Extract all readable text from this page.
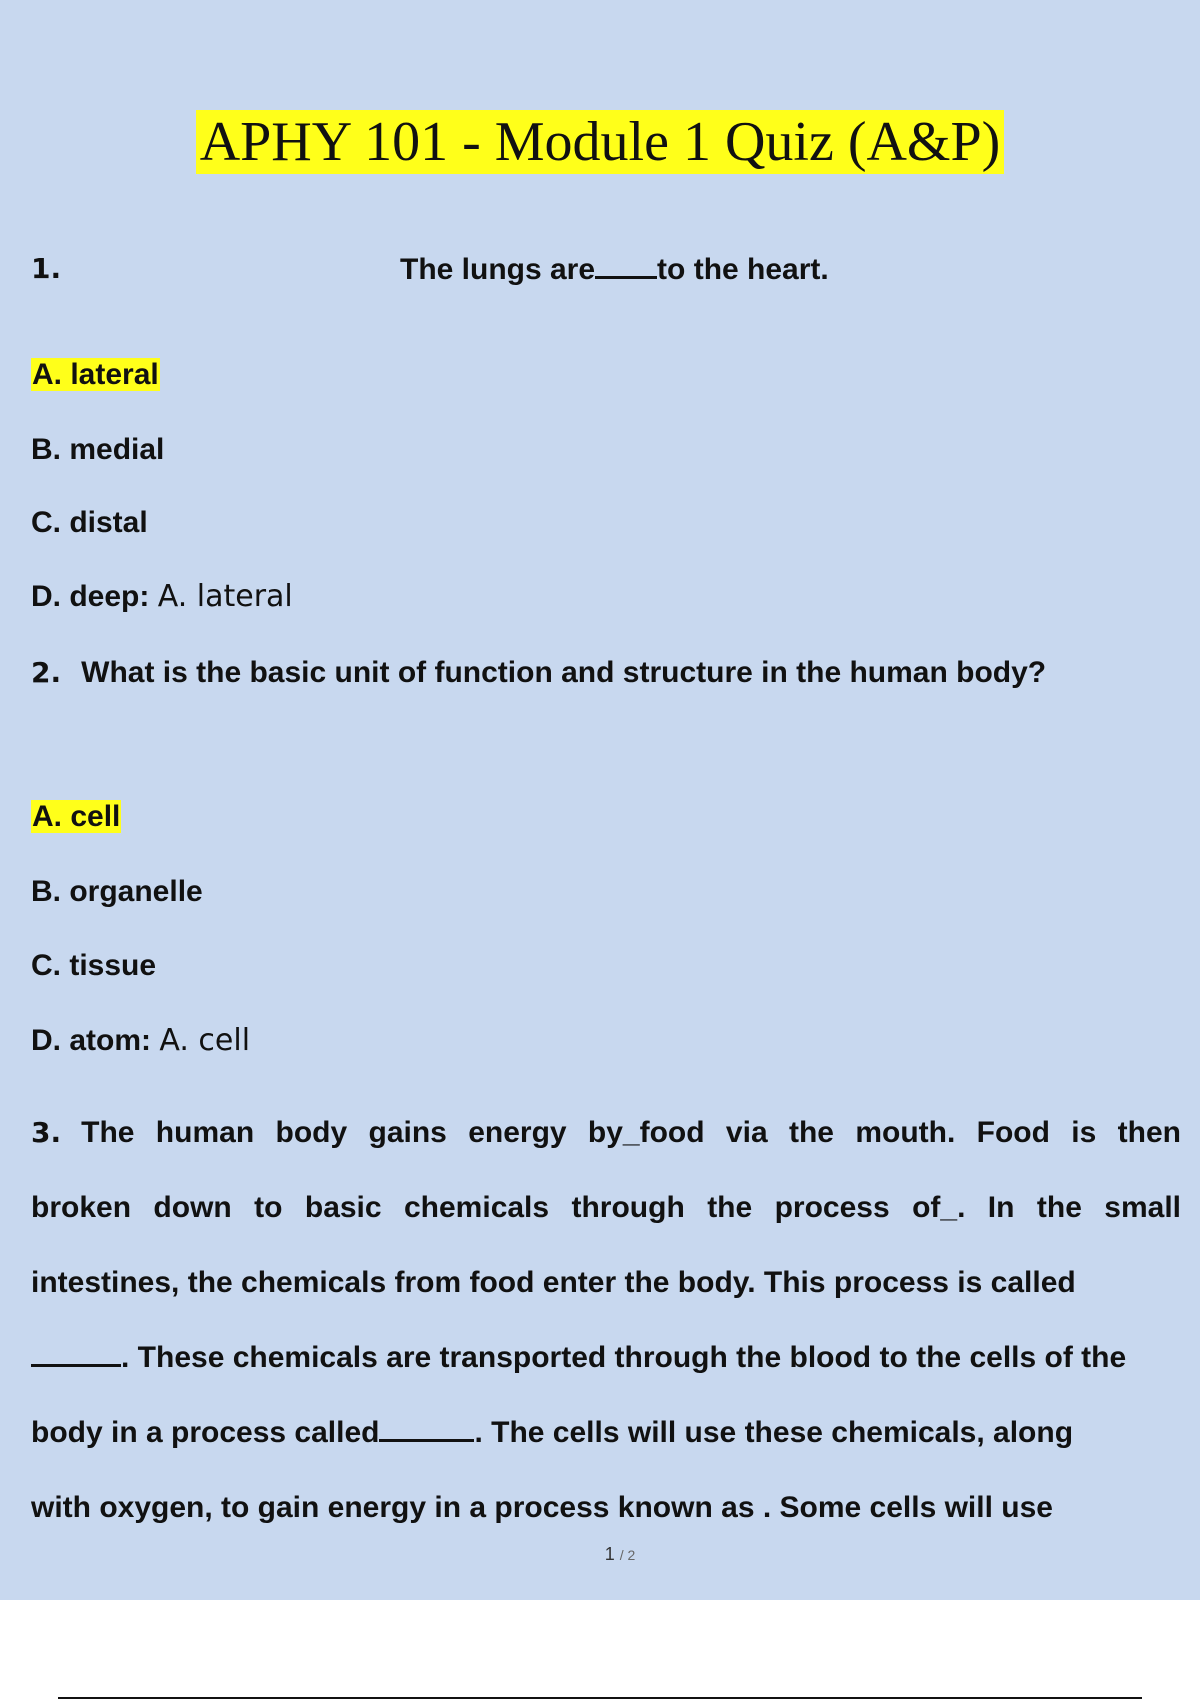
APHY 101 - Module 1 Quiz (A&P)
1.	The lungs are to the heart.
A. lateral
B. medial
C. distal
D. deep: A. lateral
2. What is the basic unit of function and structure in the human body?
A. cell
B. organelle
C. tissue
D. atom: A. cell
3. The human body gains energy by_food via the mouth. Food is then
broken down to basic chemicals through the process of_. In the small
intestines, the chemicals from food enter the body. This process is called
. These chemicals are transported through the blood to the cells of the
body in a process called	. The cells will use these chemicals, along
with oxygen, to gain energy in a process known as . Some cells will use
1 / 2
